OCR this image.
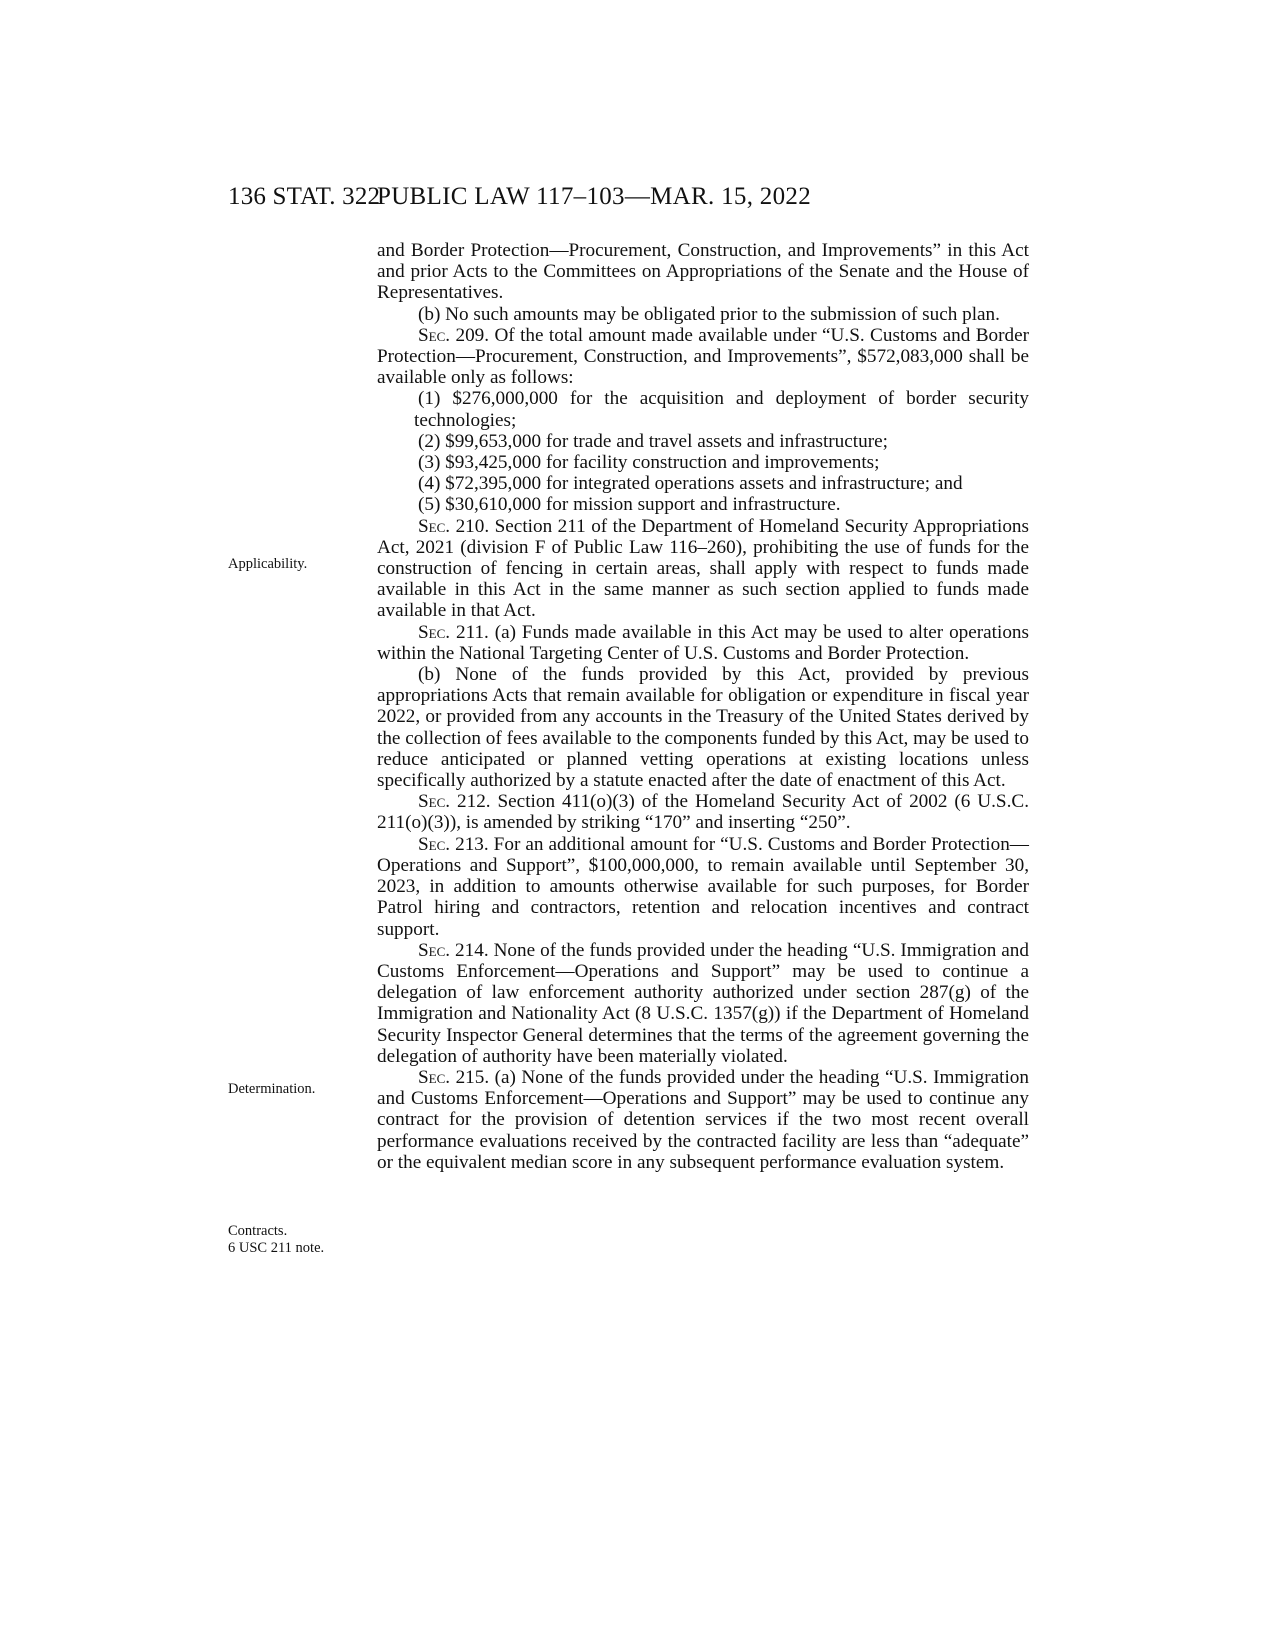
136 STAT. 322
PUBLIC LAW 117–103—MAR. 15, 2022
Applicability.
Determination.
Contracts.
6 USC 211 note.

and Border Protection—Procurement, Construction, and Improvements” in this Act and prior Acts to the Committees on Appropriations of the Senate and the House of Representatives.

(b) No such amounts may be obligated prior to the submission of such plan.

Sec. 209. Of the total amount made available under “U.S. Customs and Border Protection—Procurement, Construction, and Improvements”, $572,083,000 shall be available only as follows:

(1) $276,000,000 for the acquisition and deployment of border security technologies;

(2) $99,653,000 for trade and travel assets and infrastructure;

(3) $93,425,000 for facility construction and improvements;

(4) $72,395,000 for integrated operations assets and infrastructure; and

(5) $30,610,000 for mission support and infrastructure.

Sec. 210. Section 211 of the Department of Homeland Security Appropriations Act, 2021 (division F of Public Law 116–260), prohibiting the use of funds for the construction of fencing in certain areas, shall apply with respect to funds made available in this Act in the same manner as such section applied to funds made available in that Act.

Sec. 211. (a) Funds made available in this Act may be used to alter operations within the National Targeting Center of U.S. Customs and Border Protection.

(b) None of the funds provided by this Act, provided by previous appropriations Acts that remain available for obligation or expenditure in fiscal year 2022, or provided from any accounts in the Treasury of the United States derived by the collection of fees available to the components funded by this Act, may be used to reduce anticipated or planned vetting operations at existing locations unless specifically authorized by a statute enacted after the date of enactment of this Act.

Sec. 212. Section 411(o)(3) of the Homeland Security Act of 2002 (6 U.S.C. 211(o)(3)), is amended by striking “170” and inserting “250”.

Sec. 213. For an additional amount for “U.S. Customs and Border Protection—Operations and Support”, $100,000,000, to remain available until September 30, 2023, in addition to amounts otherwise available for such purposes, for Border Patrol hiring and contractors, retention and relocation incentives and contract support.

Sec. 214. None of the funds provided under the heading “U.S. Immigration and Customs Enforcement—Operations and Support” may be used to continue a delegation of law enforcement authority authorized under section 287(g) of the Immigration and Nationality Act (8 U.S.C. 1357(g)) if the Department of Homeland Security Inspector General determines that the terms of the agreement governing the delegation of authority have been materially violated.

Sec. 215. (a) None of the funds provided under the heading “U.S. Immigration and Customs Enforcement—Operations and Support” may be used to continue any contract for the provision of detention services if the two most recent overall performance evaluations received by the contracted facility are less than “adequate” or the equivalent median score in any subsequent performance evaluation system.
